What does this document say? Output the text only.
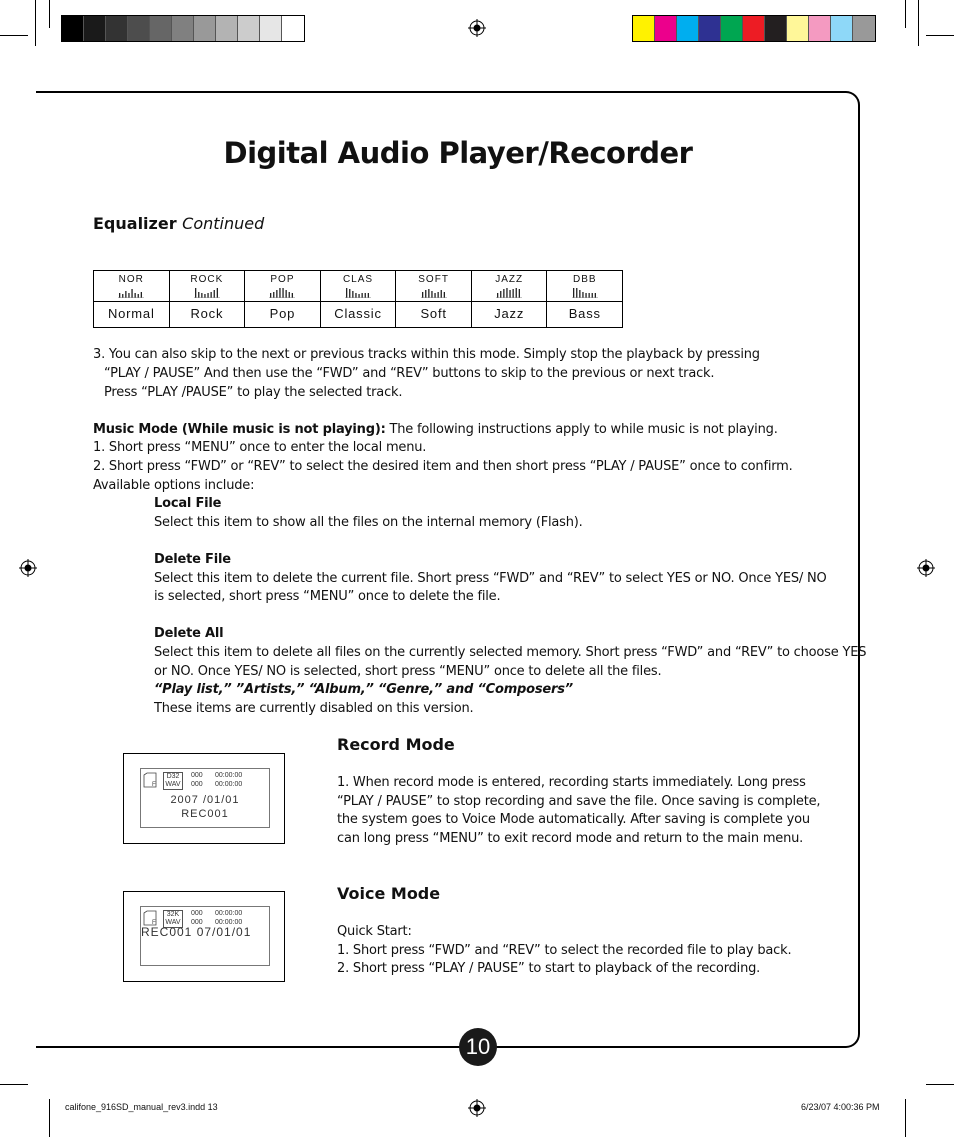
Digital Audio Player/Recorder
Equalizer Continued
NOR
Normal
ROCK
Rock
POP
Pop
CLAS
Classic
SOFT
Soft
JAZZ
Jazz
DBB
Bass
3. You can also skip to the next or previous tracks within this mode. Simply stop the playback by pressing
“PLAY / PAUSE” And then use the “FWD” and “REV” buttons to skip to the previous or next track.
Press “PLAY /PAUSE” to play the selected track.
Music Mode (While music is not playing): The following instructions apply to while music is not playing.
1. Short press “MENU” once to enter the local menu.
2. Short press “FWD” or “REV” to select the desired item and then short press “PLAY / PAUSE” once to confirm.
Available options include:
Local File
Select this item to show all the files on the internal memory (Flash).
Delete File
Select this item to delete the current file. Short press “FWD” and “REV” to select YES or NO. Once YES/ NO
is selected, short press “MENU” once to delete the file.
Delete All
Select this item to delete all files on the currently selected memory. Short press “FWD” and “REV” to choose YES
or NO. Once YES/ NO is selected, short press “MENU” once to delete all the files.
“Play list,” ”Artists,” “Album,” “Genre,” and “Composers”
These items are currently disabled on this version.
F
D32
WAV
000 00:00:00
000 00:00:00
2007 /01/01
REC001
Record Mode
1. When record mode is entered, recording starts immediately. Long press
“PLAY / PAUSE” to stop recording and save the file. Once saving is complete,
the system goes to Voice Mode automatically. After saving is complete you
can long press “MENU” to exit record mode and return to the main menu.
F
32K
WAV
000 00:00:00
000 00:00:00
REC001 07/01/01
Voice Mode
Quick Start:
1. Short press “FWD” and “REV” to select the recorded file to play back.
2. Short press “PLAY / PAUSE” to start to playback of the recording.
10
califone_916SD_manual_rev3.indd 13	6/23/07 4:00:36 PM
